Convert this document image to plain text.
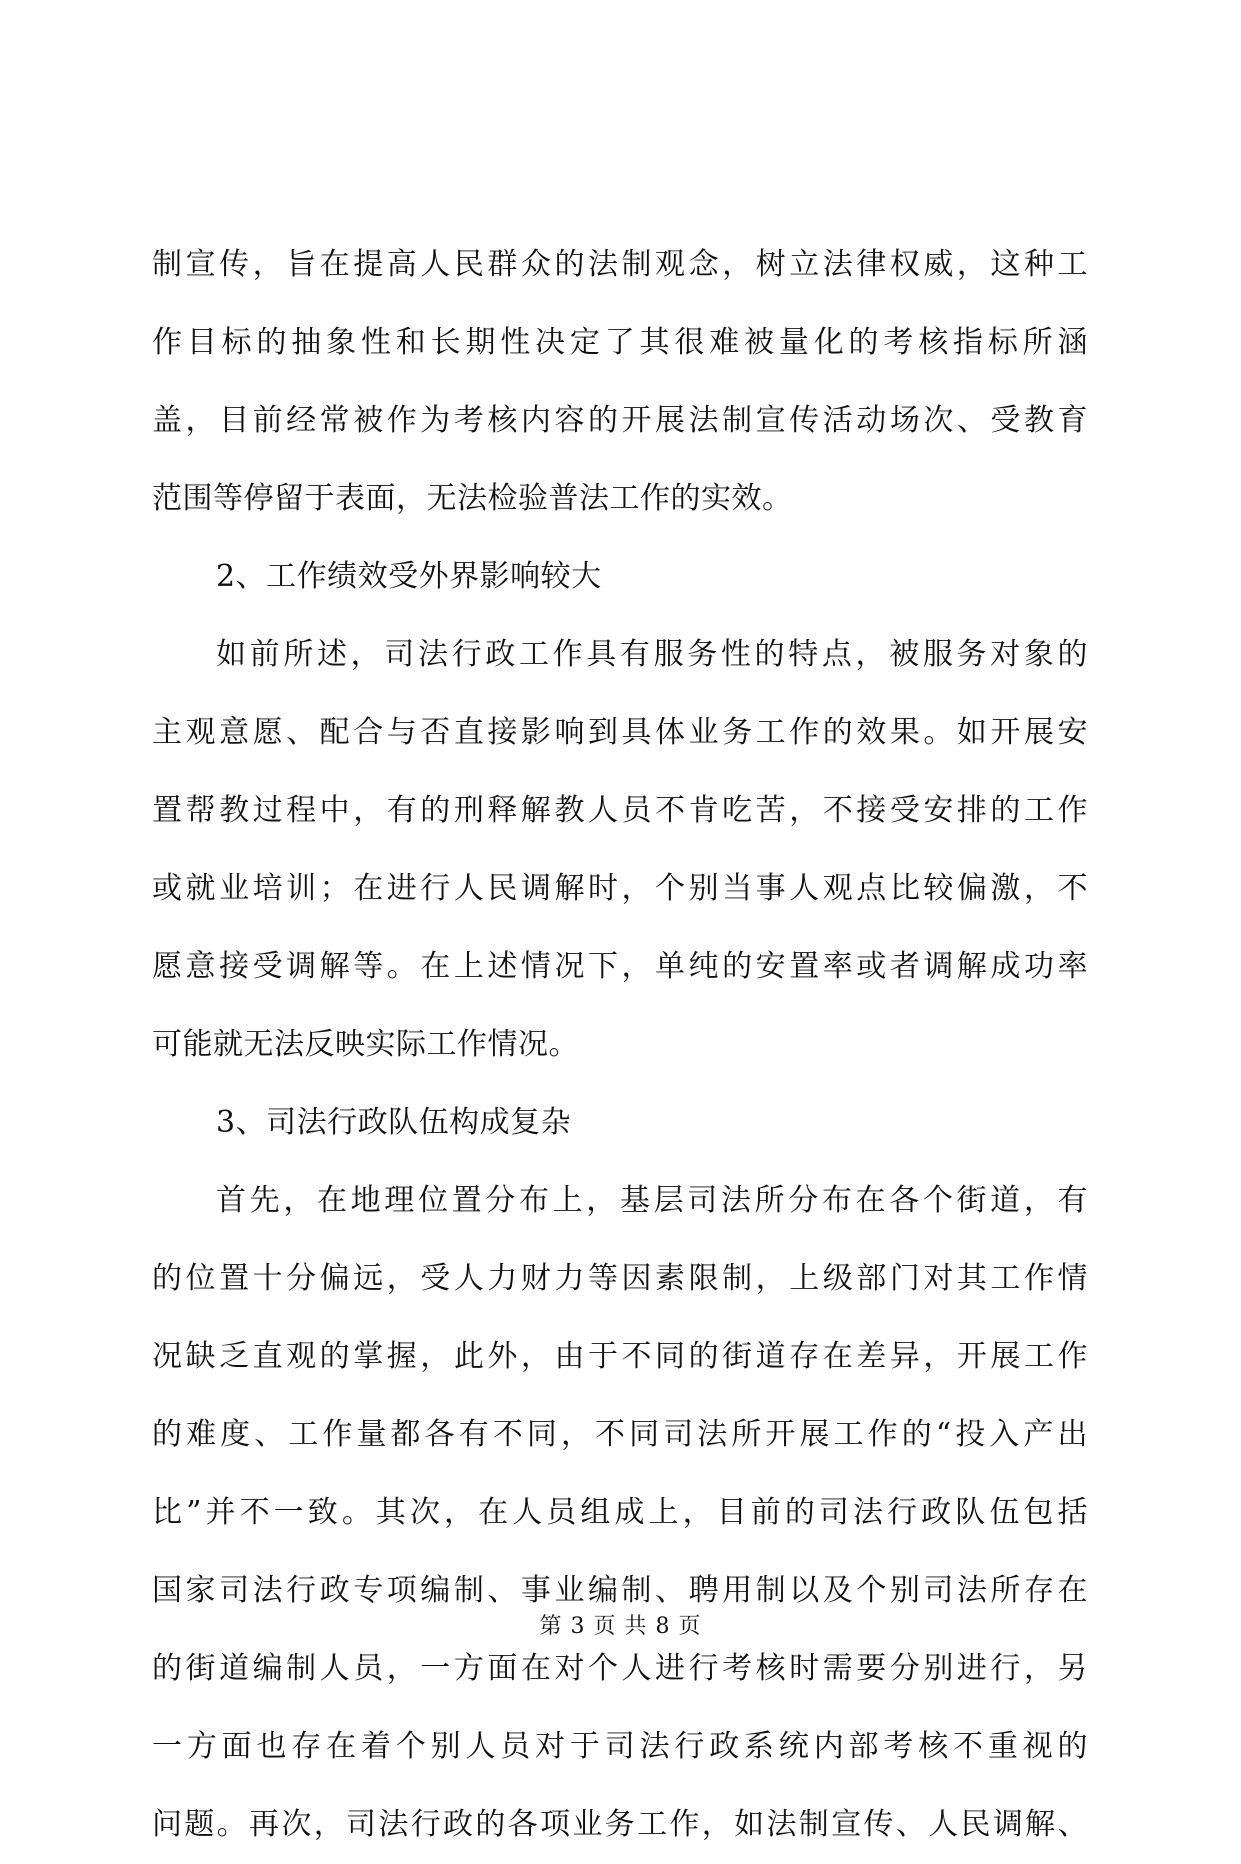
制宣传，旨在提高人民群众的法制观念，树立法律权威，这种工
作目标的抽象性和长期性决定了其很难被量化的考核指标所涵
盖，目前经常被作为考核内容的开展法制宣传活动场次、受教育
范围等停留于表面，无法检验普法工作的实效。
2、工作绩效受外界影响较大
如前所述，司法行政工作具有服务性的特点，被服务对象的
主观意愿、配合与否直接影响到具体业务工作的效果。如开展安
置帮教过程中，有的刑释解教人员不肯吃苦，不接受安排的工作
或就业培训；在进行人民调解时，个别当事人观点比较偏激，不
愿意接受调解等。在上述情况下，单纯的安置率或者调解成功率
可能就无法反映实际工作情况。
3、司法行政队伍构成复杂
首先，在地理位置分布上，基层司法所分布在各个街道，有
的位置十分偏远，受人力财力等因素限制，上级部门对其工作情
况缺乏直观的掌握，此外，由于不同的街道存在差异，开展工作
的难度、工作量都各有不同，不同司法所开展工作的“投入产出
比”并不一致。其次，在人员组成上，目前的司法行政队伍包括
国家司法行政专项编制、事业编制、聘用制以及个别司法所存在
的街道编制人员，一方面在对个人进行考核时需要分别进行，另
一方面也存在着个别人员对于司法行政系统内部考核不重视的
问题。再次，司法行政的各项业务工作，如法制宣传、人民调解、
第 3 页 共 8 页
